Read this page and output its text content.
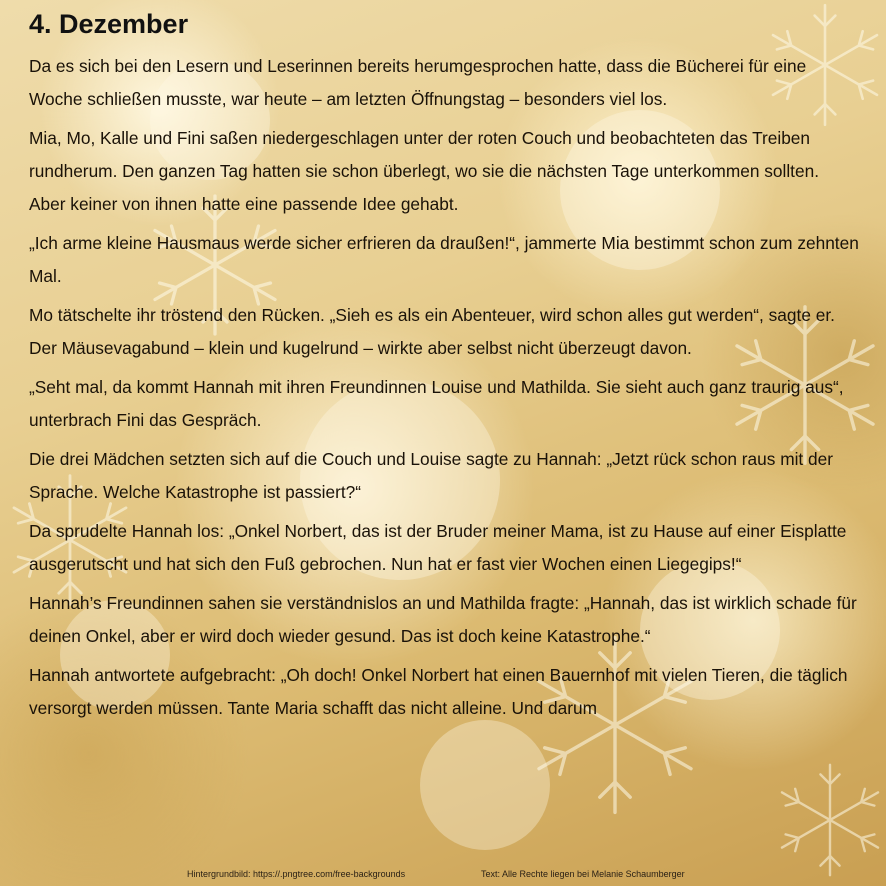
4. Dezember

Da es sich bei den Lesern und Leserinnen bereits herumgesprochen hatte, dass die Bücherei für eine Woche schließen musste, war heute – am letzten Öffnungstag – besonders viel los.

Mia, Mo, Kalle und Fini saßen niedergeschlagen unter der roten Couch und beobachteten das Treiben rundherum. Den ganzen Tag hatten sie schon überlegt, wo sie die nächsten Tage unterkommen sollten. Aber keiner von ihnen hatte eine passende Idee gehabt.

„Ich arme kleine Hausmaus werde sicher erfrieren da draußen!“, jammerte Mia bestimmt schon zum zehnten Mal.

Mo tätschelte ihr tröstend den Rücken. „Sieh es als ein Abenteuer, wird schon alles gut werden“, sagte er. Der Mäusevagabund – klein und kugelrund – wirkte aber selbst nicht überzeugt davon.

„Seht mal, da kommt Hannah mit ihren Freundinnen Louise und Mathilda. Sie sieht auch ganz traurig aus“, unterbrach Fini das Gespräch.

Die drei Mädchen setzten sich auf die Couch und Louise sagte zu Hannah: „Jetzt rück schon raus mit der Sprache. Welche Katastrophe ist passiert?“

Da sprudelte Hannah los: „Onkel Norbert, das ist der Bruder meiner Mama, ist zu Hause auf einer Eisplatte ausgerutscht und hat sich den Fuß gebrochen. Nun hat er fast vier Wochen einen Liegegips!“

Hannah’s Freundinnen sahen sie verständnislos an und Mathilda fragte: „Hannah, das ist wirklich schade für deinen Onkel, aber er wird doch wieder gesund. Das ist doch keine Katastrophe.“

Hannah antwortete aufgebracht: „Oh doch! Onkel Norbert hat einen Bauernhof mit vielen Tieren, die täglich versorgt werden müssen. Tante Maria schafft das nicht alleine. Und darum

Hintergrundbild: https://.pngtree.com/free-backgrounds	Text: Alle Rechte liegen bei Melanie Schaumberger
